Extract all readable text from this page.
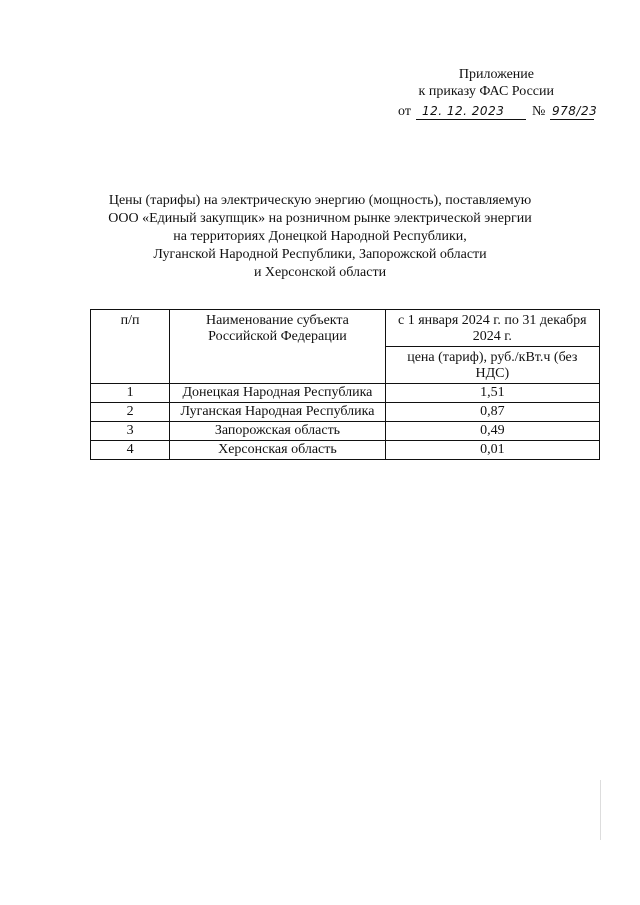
Приложение
к приказу ФАС России
от 12. 12. 2023 № 978/23
Цены (тарифы) на электрическую энергию (мощность), поставляемую
ООО «Единый закупщик» на розничном рынке электрической энергии
на территориях Донецкой Народной Республики,
Луганской Народной Республики, Запорожской области
и Херсонской области
п/п	Наименование субъекта Российской Федерации	с 1 января 2024 г. по 31 декабря 2024 г.
		цена (тариф), руб./кВт.ч (без НДС)
1	Донецкая Народная Республика	1,51
2	Луганская Народная Республика	0,87
3	Запорожская область	0,49
4	Херсонская область	0,01
